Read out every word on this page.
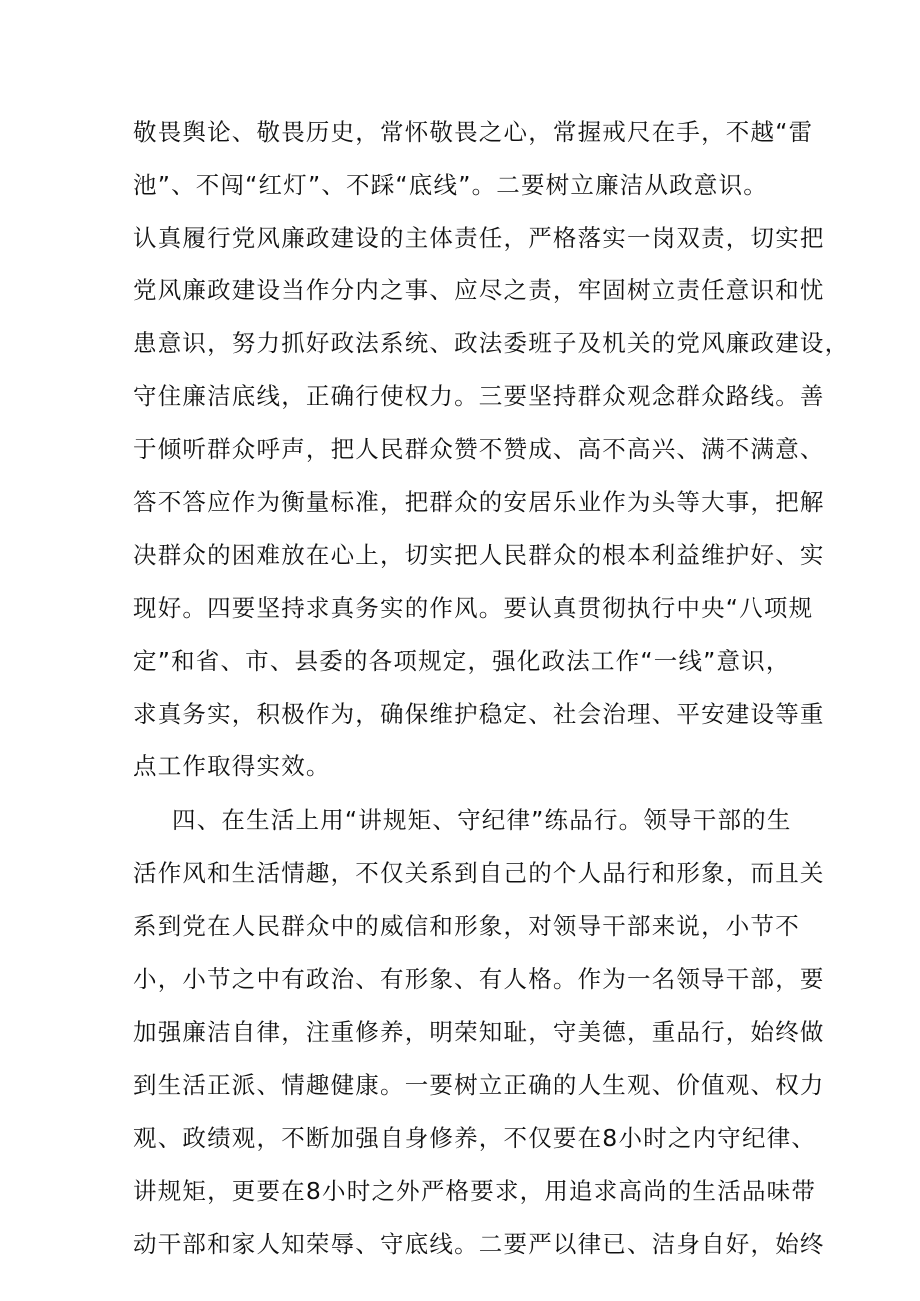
敬畏舆论、敬畏历史，常怀敬畏之心，常握戒尺在手，不越“雷
池”、不闯“红灯”、不踩“底线”。二要树立廉洁从政意识。
认真履行党风廉政建设的主体责任，严格落实一岗双责，切实把
党风廉政建设当作分内之事、应尽之责，牢固树立责任意识和忧
患意识，努力抓好政法系统、政法委班子及机关的党风廉政建设，
守住廉洁底线，正确行使权力。三要坚持群众观念群众路线。善
于倾听群众呼声，把人民群众赞不赞成、高不高兴、满不满意、
答不答应作为衡量标准，把群众的安居乐业作为头等大事，把解
决群众的困难放在心上，切实把人民群众的根本利益维护好、实
现好。四要坚持求真务实的作风。要认真贯彻执行中央“八项规
定”和省、市、县委的各项规定，强化政法工作“一线”意识，
求真务实，积极作为，确保维护稳定、社会治理、平安建设等重
点工作取得实效。
四、在生活上用“讲规矩、守纪律”练品行。领导干部的生
活作风和生活情趣，不仅关系到自己的个人品行和形象，而且关
系到党在人民群众中的威信和形象，对领导干部来说，小节不
小，小节之中有政治、有形象、有人格。作为一名领导干部，要
加强廉洁自律，注重修养，明荣知耻，守美德，重品行，始终做
到生活正派、情趣健康。一要树立正确的人生观、价值观、权力
观、政绩观，不断加强自身修养，不仅要在8小时之内守纪律、
讲规矩，更要在8小时之外严格要求，用追求高尚的生活品味带
动干部和家人知荣辱、守底线。二要严以律已、洁身自好，始终
